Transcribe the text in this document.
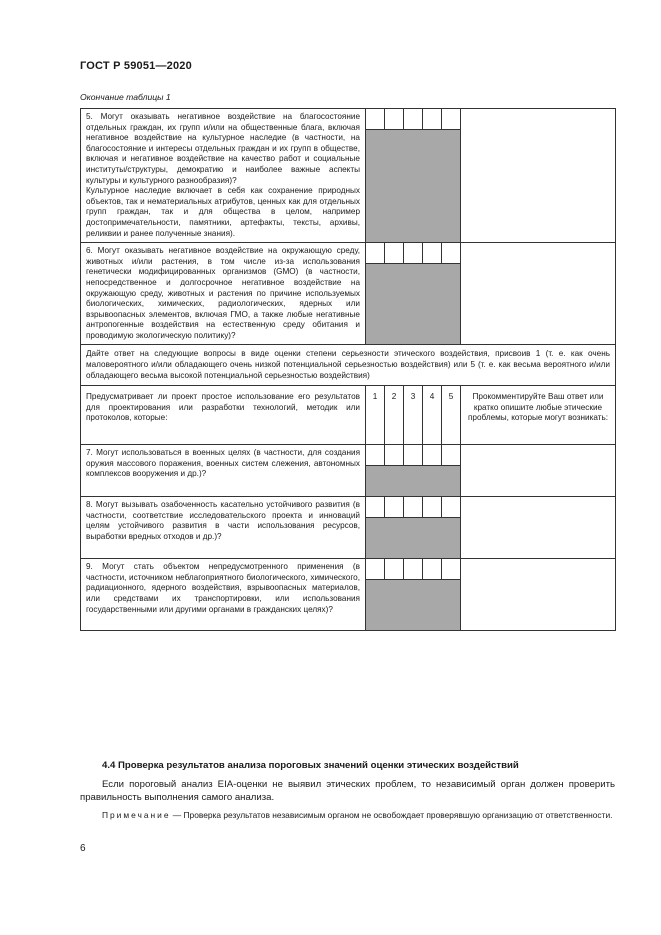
ГОСТ Р 59051—2020
Окончание таблицы 1
5. Могут оказывать негативное воздействие на благосостояние отдельных граждан, их групп и/или на общественные блага, включая негативное воздействие на культурное наследие (в частности, на благосостояние и интересы отдельных граждан и их групп в обществе, включая и негативное воздействие на качество работ и социальные институты/структуры, демократию и наиболее важные аспекты культуры и культурного разнообразия)?
Культурное наследие включает в себя как сохранение природных объектов, так и нематериальных атрибутов, ценных как для отдельных групп граждан, так и для общества в целом, например достопримечательности, памятники, артефакты, тексты, архивы, реликвии и ранее полученные знания).						

6. Могут оказывать негативное воздействие на окружающую среду, животных и/или растения, в том числе из-за использования генетически модифицированных организмов (GMO) (в частности, непосредственное и долгосрочное негативное воздействие на окружающую среду, животных и растения по причине используемых биологических, химических, радиологических, ядерных или взрывоопасных элементов, включая ГМО, а также любые негативные антропогенные воздействия на естественную среду обитания и проводимую экологическую политику)?						

Дайте ответ на следующие вопросы в виде оценки степени серьезности этического воздействия, присвоив 1 (т. е. как очень маловероятного и/или обладающего очень низкой потенциальной серьезностью воздействия) или 5 (т. е. как весьма вероятного и/или обладающего весьма высокой потенциальной серьезностью воздействия)						
Предусматривает ли проект простое использование его результатов для проектирования или разработки технологий, методик или протоколов, которые:	1	2	3	4	5	Прокомментируйте Ваш ответ или кратко опишите любые этические проблемы, которые могут возникать:
7. Могут использоваться в военных целях (в частности, для создания оружия массового поражения, военных систем слежения, автономных комплексов вооружения и др.)?						

8. Могут вызывать озабоченность касательно устойчивого развития (в частности, соответствие исследовательского проекта и инноваций целям устойчивого развития в части использования ресурсов, выработки вредных отходов и др.)?						

9. Могут стать объектом непредусмотренного применения (в частности, источником неблагоприятного биологического, химического, радиационного, ядерного воздействия, взрывоопасных материалов, или средствами их транспортировки, или использования государственными или другими органами в гражданских целях)?						

4.4 Проверка результатов анализа пороговых значений оценки этических воздействий
Если пороговый анализ EIA-оценки не выявил этических проблем, то независимый орган должен проверить правильность выполнения самого анализа.
Примечание — Проверка результатов независимым органом не освобождает проверявшую организацию от ответственности.
6
